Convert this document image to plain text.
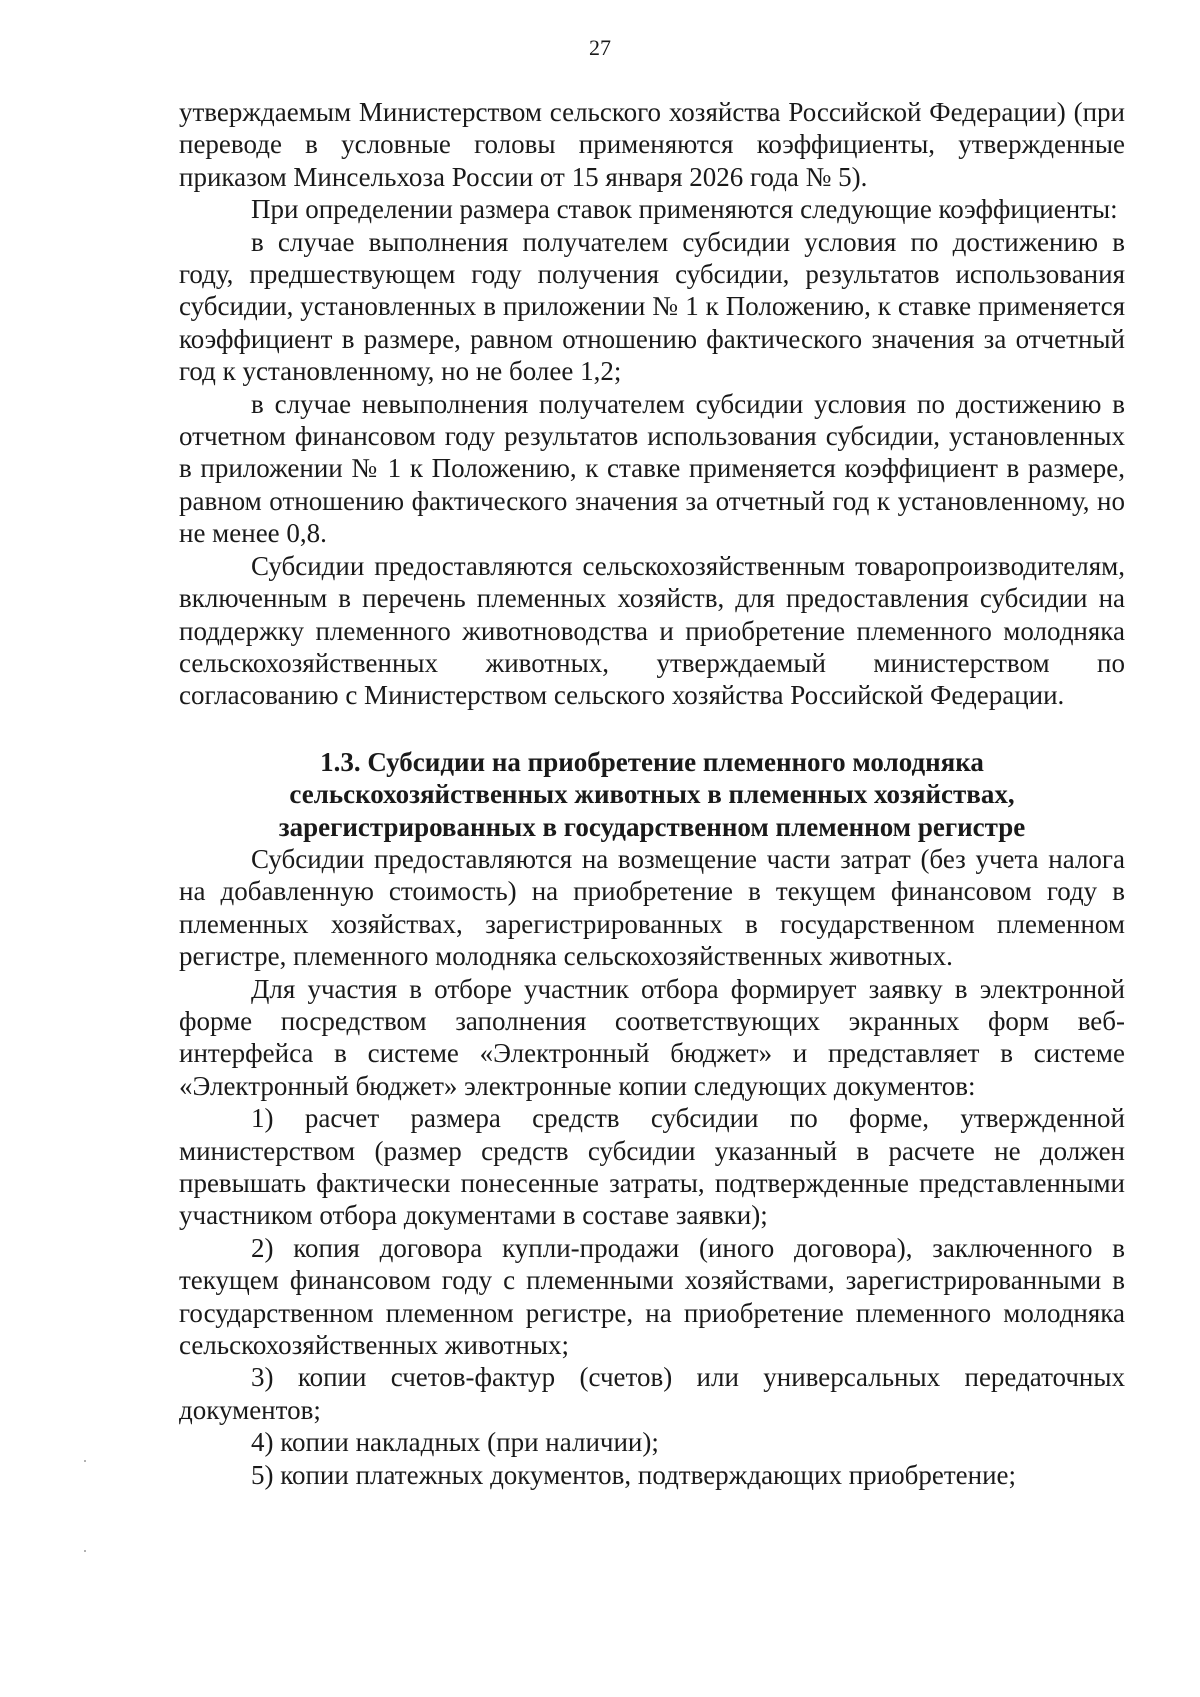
27

утверждаемым Министерством сельского хозяйства Российской Федерации) (при переводе в условные головы применяются коэффициенты, утвержденные приказом Минсельхоза России от 15 января 2026 года № 5).

При определении размера ставок применяются следующие коэффициенты:

в случае выполнения получателем субсидии условия по достижению в году, предшествующем году получения субсидии, результатов использования субсидии, установленных в приложении № 1 к Положению, к ставке применяется коэффициент в размере, равном отношению фактического значения за отчетный год к установленному, но не более 1,2;

в случае невыполнения получателем субсидии условия по достижению в отчетном финансовом году результатов использования субсидии, установленных в приложении № 1 к Положению, к ставке применяется коэффициент в размере, равном отношению фактического значения за отчетный год к установленному, но не менее 0,8.

Субсидии предоставляются сельскохозяйственным товаропроизводителям, включенным в перечень племенных хозяйств, для предоставления субсидии на поддержку племенного животноводства и приобретение племенного молодняка сельскохозяйственных животных, утверждаемый министерством по согласованию с Министерством сельского хозяйства Российской Федерации.

1.3. Субсидии на приобретение племенного молодняка
сельскохозяйственных животных в племенных хозяйствах,
зарегистрированных в государственном племенном регистре

Субсидии предоставляются на возмещение части затрат (без учета налога на добавленную стоимость) на приобретение в текущем финансовом году в племенных хозяйствах, зарегистрированных в государственном племенном регистре, племенного молодняка сельскохозяйственных животных.

Для участия в отборе участник отбора формирует заявку в электронной форме посредством заполнения соответствующих экранных форм веб-интерфейса в системе «Электронный бюджет» и представляет в системе «Электронный бюджет» электронные копии следующих документов:

1) расчет размера средств субсидии по форме, утвержденной министерством (размер средств субсидии указанный в расчете не должен превышать фактически понесенные затраты, подтвержденные представленными участником отбора документами в составе заявки);

2) копия договора купли-продажи (иного договора), заключенного в текущем финансовом году с племенными хозяйствами, зарегистрированными в государственном племенном регистре, на приобретение племенного молодняка сельскохозяйственных животных;

3) копии счетов-фактур (счетов) или универсальных передаточных документов;

4) копии накладных (при наличии);

5) копии платежных документов, подтверждающих приобретение;
